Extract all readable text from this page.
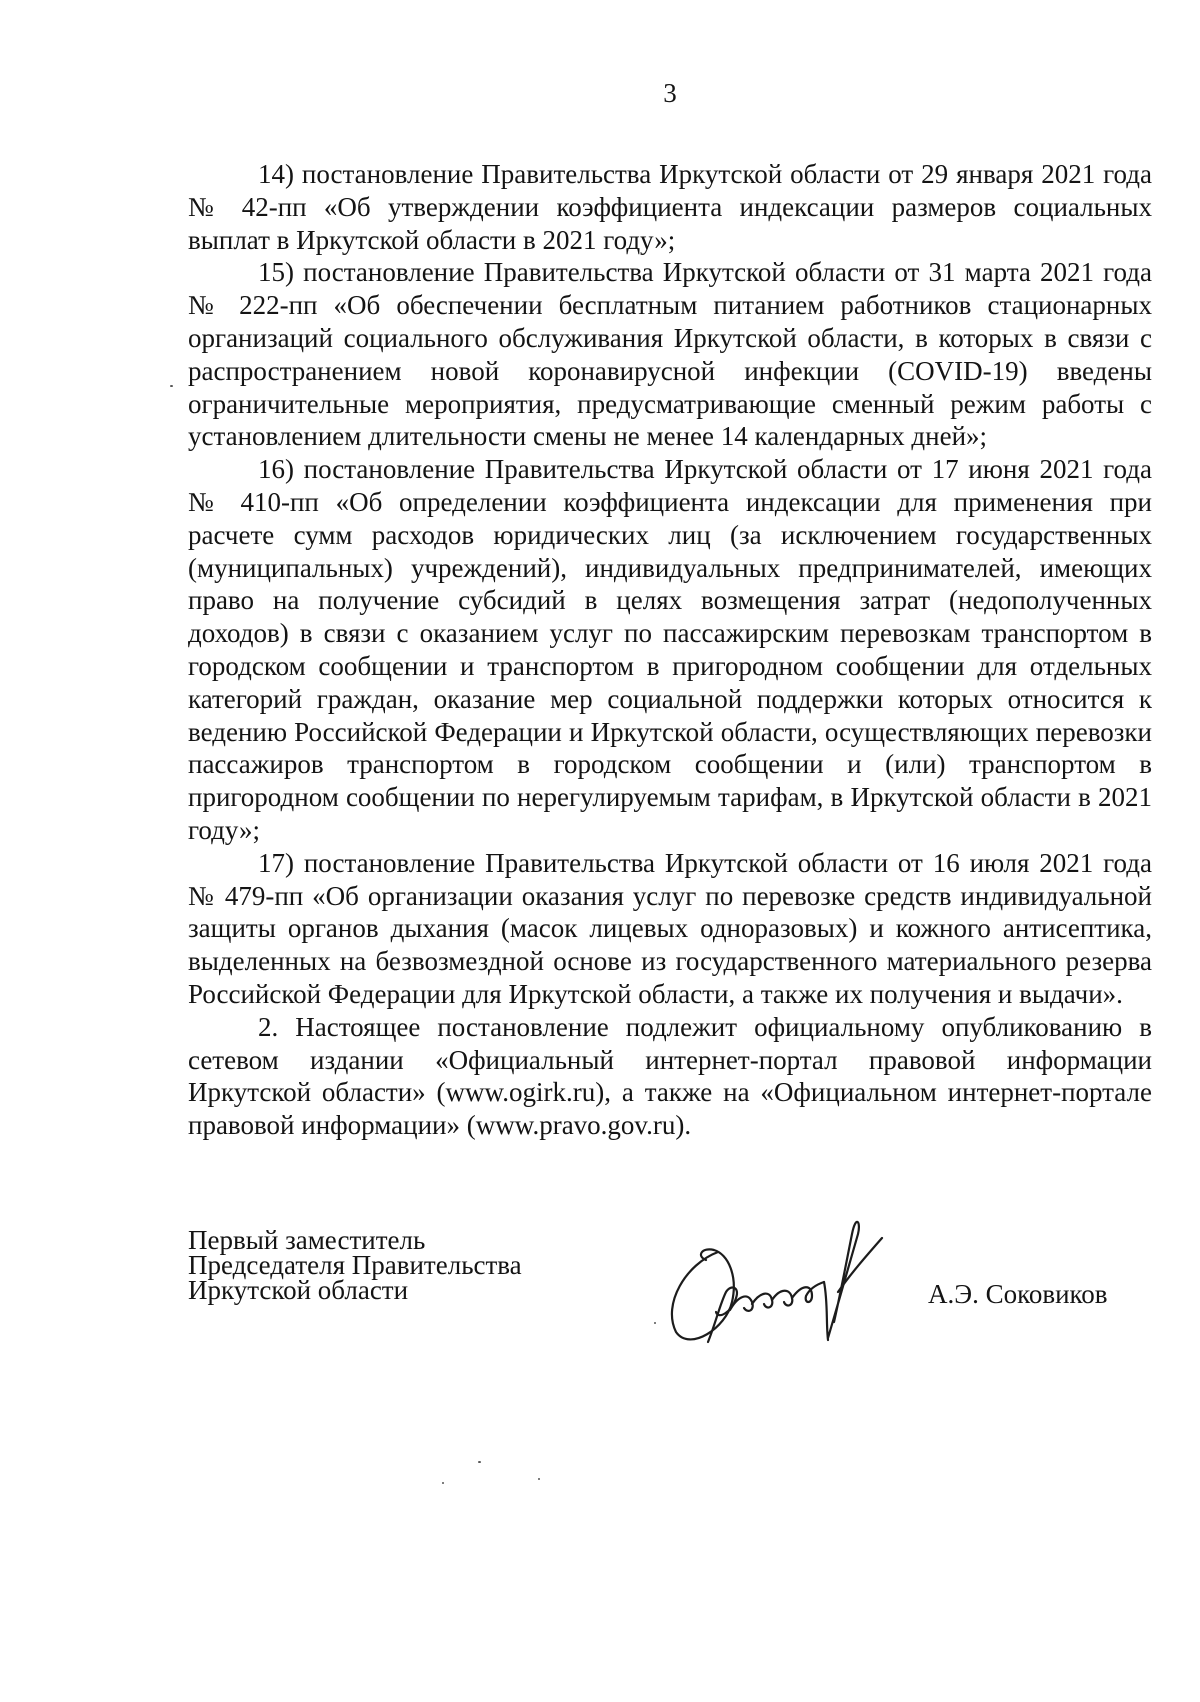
3

14) постановление Правительства Иркутской области от 29 января 2021 года № 42-пп «Об утверждении коэффициента индексации размеров социальных выплат в Иркутской области в 2021 году»;

15) постановление Правительства Иркутской области от 31 марта 2021 года № 222-пп «Об обеспечении бесплатным питанием работников стационарных организаций социального обслуживания Иркутской области, в которых в связи с распространением новой коронавирусной инфекции (COVID-19) введены ограничительные мероприятия, предусматривающие сменный режим работы с установлением длительности смены не менее 14 календарных дней»;

16) постановление Правительства Иркутской области от 17 июня 2021 года № 410-пп «Об определении коэффициента индексации для применения при расчете сумм расходов юридических лиц (за исключением государственных (муниципальных) учреждений), индивидуальных предпринимателей, имеющих право на получение субсидий в целях возмещения затрат (недополученных доходов) в связи с оказанием услуг по пассажирским перевозкам транспортом в городском сообщении и транспортом в пригородном сообщении для отдельных категорий граждан, оказание мер социальной поддержки которых относится к ведению Российской Федерации и Иркутской области, осуществляющих перевозки пассажиров транспортом в городском сообщении и (или) транспортом в пригородном сообщении по нерегулируемым тарифам, в Иркутской области в 2021 году»;

17) постановление Правительства Иркутской области от 16 июля 2021 года № 479-пп «Об организации оказания услуг по перевозке средств индивидуальной защиты органов дыхания (масок лицевых одноразовых) и кожного антисептика, выделенных на безвозмездной основе из государственного материального резерва Российской Федерации для Иркутской области, а также их получения и выдачи».

2. Настоящее постановление подлежит официальному опубликованию в сетевом издании «Официальный интернет-портал правовой информации Иркутской области» (www.ogirk.ru), а также на «Официальном интернет-портале правовой информации» (www.pravo.gov.ru).

Первый заместитель
Председателя Правительства
Иркутской области	А.Э. Соковиков
